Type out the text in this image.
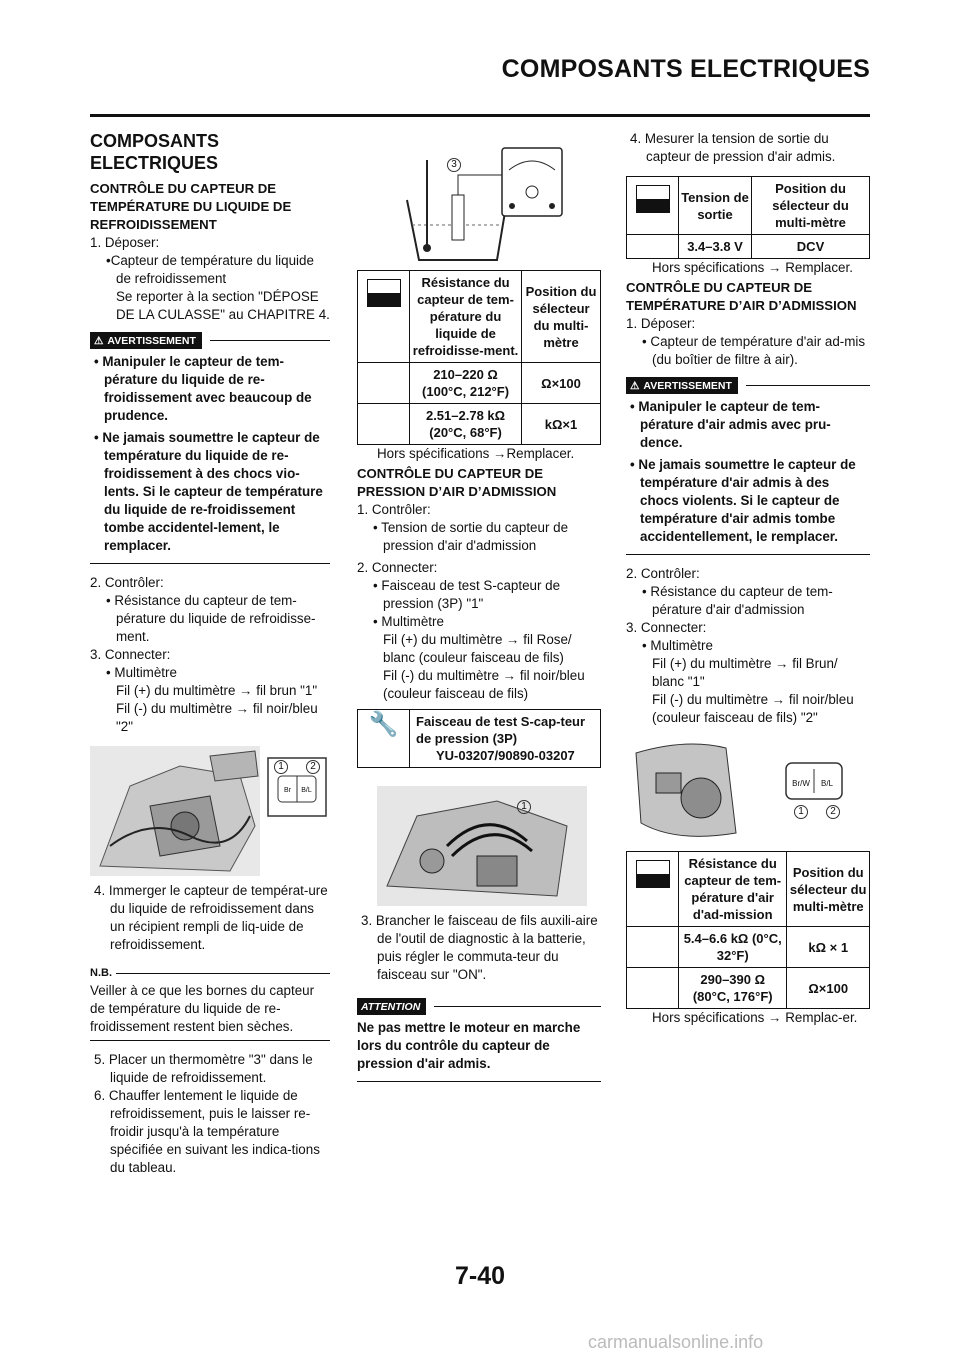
COMPOSANTS ELECTRIQUES
COMPOSANTS
ELECTRIQUES
CONTRÔLE DU CAPTEUR DE TEMPÉRATURE DU LIQUIDE DE REFROIDISSEMENT

1. Déposer:

•Capteur de température du liquide de refroidissement

Se reporter à la section "DÉPOSE DE LA CULASSE" au CHAPITRE 4.

⚠ AVERTISSEMENT

• Manipuler le capteur de tem-pérature du liquide de re-froidissement avec beaucoup de prudence.

• Ne jamais soumettre le capteur de température du liquide de re-froidissement à des chocs vio-lents. Si le capteur de température du liquide de re-froidissement tombe accidentel-lement, le remplacer.

2. Contrôler:

• Résistance du capteur de tem-pérature du liquide de refroidisse-ment.

3. Connecter:

• Multimètre

Fil (+) du multimètre → fil brun "1"

Fil (-) du multimètre → fil noir/bleu "2"

Br	B/L
1	2

4. Immerger le capteur de températ-ure du liquide de refroidissement dans un récipient rempli de liq-uide de refroidissement.

N.B.

Veiller à ce que les bornes du capteur de température du liquide de re-froidissement restent bien sèches.

5. Placer un thermomètre "3" dans le liquide de refroidissement.

6. Chauffer lentement le liquide de refroidissement, puis le laisser re-froidir jusqu'à la température spécifiée en suivant les indica-tions du tableau.

3
	Résistance du capteur de tem-pérature du liquide de refroidisse-ment.	Position du sélecteur du multi-mètre
	210–220 Ω (100°C, 212°F)	Ω×100
	2.51–2.78 kΩ (20°C, 68°F)	kΩ×1

Hors spécifications →Remplacer.

CONTRÔLE DU CAPTEUR DE PRESSION D’AIR D’ADMISSION

1. Contrôler:

• Tension de sortie du capteur de pression d'air d'admission

2. Connecter:

• Faisceau de test S-capteur de pression (3P) "1"

• Multimètre

Fil (+) du multimètre → fil Rose/ blanc (couleur faisceau de fils)

Fil (-) du multimètre → fil noir/bleu (couleur faisceau de fils)

🔧	Faisceau de test S-cap-teur de pression (3P)
YU-03207/90890-03207
1

3. Brancher le faisceau de fils auxili-aire de l'outil de diagnostic à la batterie, puis régler le commuta-teur du faisceau sur "ON".

ATTENTION

Ne pas mettre le moteur en marche lors du contrôle du capteur de pression d'air admis.

4. Mesurer la tension de sortie du capteur de pression d'air admis.

	Tension de sortie	Position du sélecteur du multi-mètre
	3.4–3.8 V	DCV

Hors spécifications → Remplacer.

CONTRÔLE DU CAPTEUR DE TEMPÉRATURE D’AIR D’ADMISSION

1. Déposer:

• Capteur de température d'air ad-mis (du boîtier de filtre à air).

⚠ AVERTISSEMENT

• Manipuler le capteur de tem-pérature d'air admis avec pru-dence.

• Ne jamais soumettre le capteur de température d'air admis à des chocs violents. Si le capteur de température d'air admis tombe accidentellement, le remplacer.

2. Contrôler:

• Résistance du capteur de tem-pérature d'air d'admission

3. Connecter:

• Multimètre

Fil (+) du multimètre → fil Brun/ blanc "1"

Fil (-) du multimètre → fil noir/bleu (couleur faisceau de fils) "2"

Br/W	B/L
1	2
	Résistance du capteur de tem-pérature d'air d'ad-mission	Position du sélecteur du multi-mètre
	5.4–6.6 kΩ (0°C, 32°F)	kΩ × 1
	290–390 Ω (80°C, 176°F)	Ω×100

Hors spécifications → Remplac-er.

7-40
carmanualsonline.info
